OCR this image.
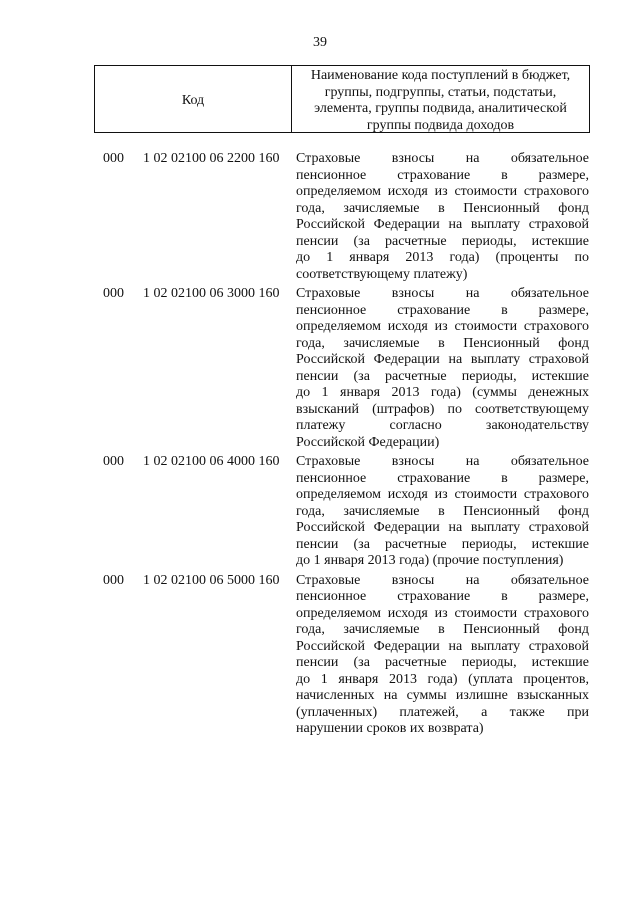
39
Код
Наименование кода поступлений в бюджет,
группы, подгруппы, статьи, подстатьи,
элемента, группы подвида, аналитической
группы подвида доходов
000	1 02 02100 06 2200 160 Страховые взносы на обязательное
пенсионное страхование в размере,
определяемом исходя из стоимости страхового
года, зачисляемые в Пенсионный фонд
Российской Федерации на выплату страховой
пенсии (за расчетные периоды, истекшие
до 1 января 2013 года) (проценты по
соответствующему платежу)
000	1 02 02100 06 3000 160 Страховые взносы на обязательное
пенсионное страхование в размере,
определяемом исходя из стоимости страхового
года, зачисляемые в Пенсионный фонд
Российской Федерации на выплату страховой
пенсии (за расчетные периоды, истекшие
до 1 января 2013 года) (суммы денежных
взысканий (штрафов) по соответствующему
платежу согласно законодательству
Российской Федерации)
000	1 02 02100 06 4000 160 Страховые взносы на обязательное
пенсионное страхование в размере,
определяемом исходя из стоимости страхового
года, зачисляемые в Пенсионный фонд
Российской Федерации на выплату страховой
пенсии (за расчетные периоды, истекшие
до 1 января 2013 года) (прочие поступления)
000	1 02 02100 06 5000 160 Страховые взносы на обязательное
пенсионное страхование в размере,
определяемом исходя из стоимости страхового
года, зачисляемые в Пенсионный фонд
Российской Федерации на выплату страховой
пенсии (за расчетные периоды, истекшие
до 1 января 2013 года) (уплата процентов,
начисленных на суммы излишне взысканных
(уплаченных) платежей, а также при
нарушении сроков их возврата)
